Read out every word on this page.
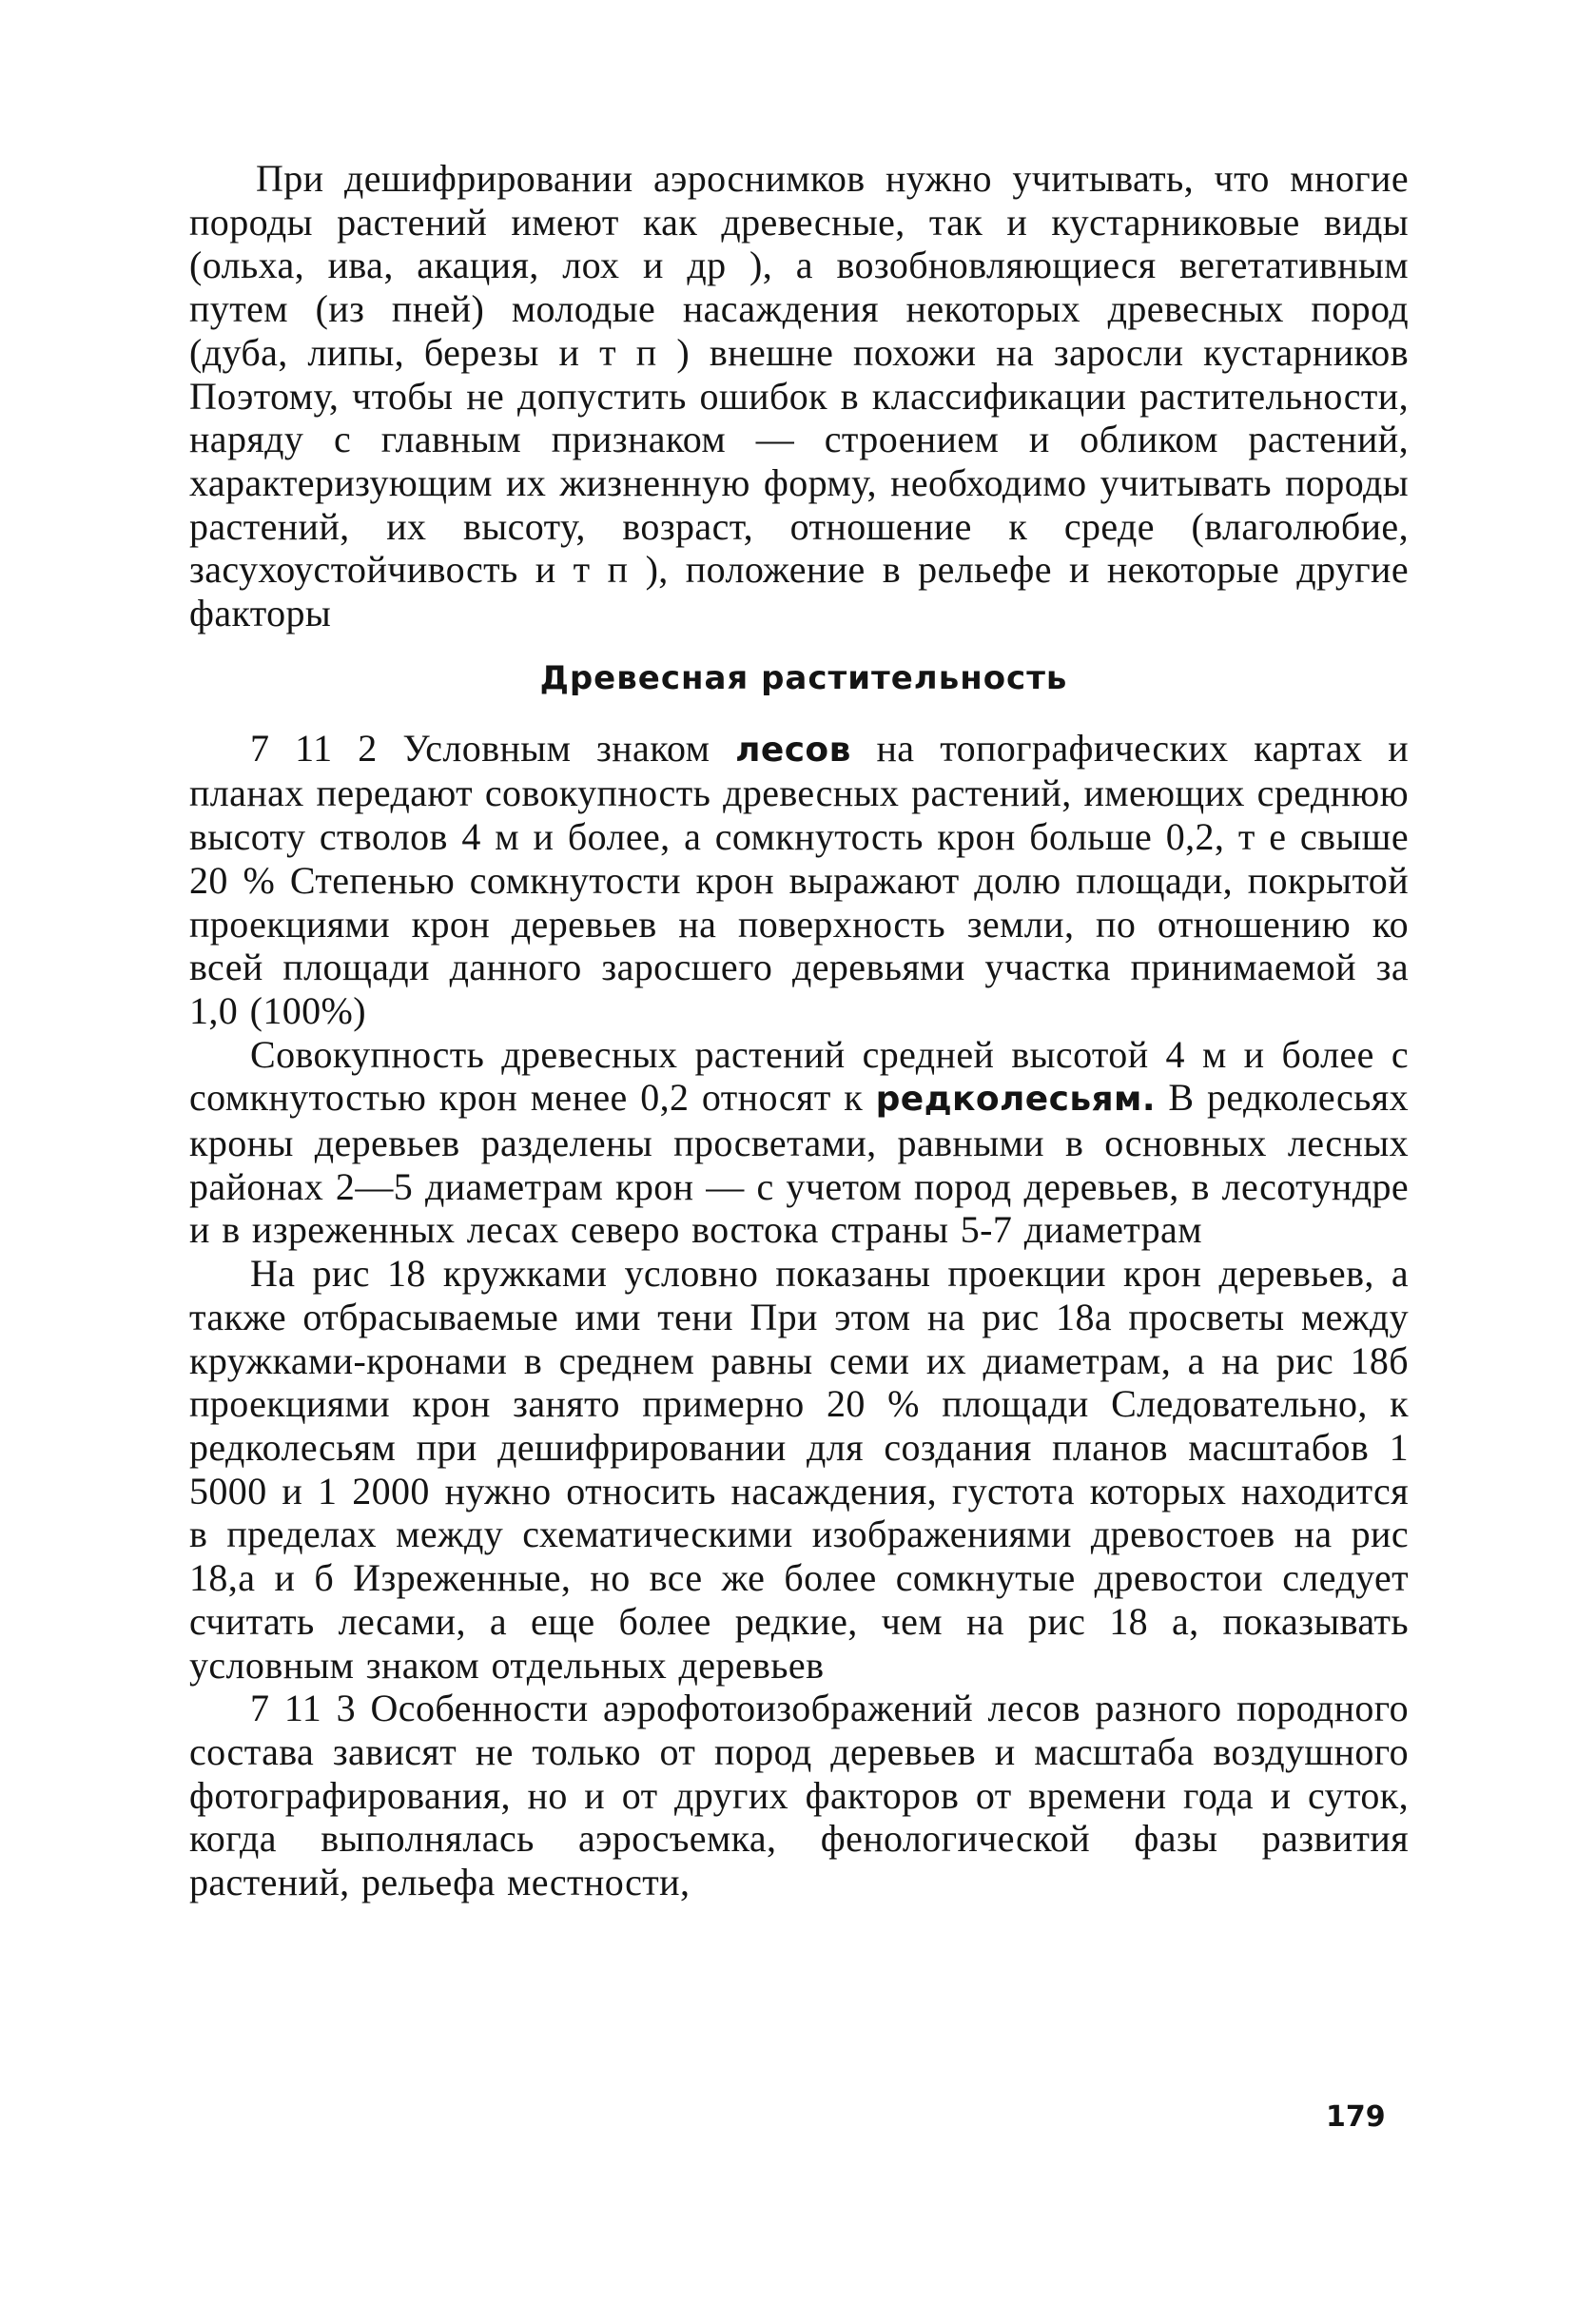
При дешифрировании аэроснимков нужно учитывать, что многие породы растений имеют как древесные, так и кустарниковые виды (ольха, ива, акация, лох и др ), а возобновляющиеся вегетативным путем (из пней) молодые насаждения некоторых древесных пород (дуба, липы, березы и т п ) внешне похожи на заросли кустарников Поэтому, чтобы не допустить ошибок в классификации растительности, наряду с главным признаком — строением и обликом растений, характеризующим их жизненную форму, необходимо учитывать породы растений, их высоту, возраст, отношение к среде (влаголюбие, засухоустойчивость и т п ), положение в рельефе и некоторые другие факторы

Древесная растительность

7 11 2 Условным знаком лесов на топографических картах и планах передают совокупность древесных растений, имеющих среднюю высоту стволов 4 м и более, а сомкнутость крон больше 0,2, т е свыше 20 % Степенью сомкнутости крон выражают долю площади, покрытой проекциями крон деревьев на поверхность земли, по отношению ко всей площади данного заросшего деревьями участка принимаемой за 1,0 (100%)

Совокупность древесных растений средней высотой 4 м и более с сомкнутостью крон менее 0,2 относят к редколесьям. В редколесьях кроны деревьев разделены просветами, равными в основных лесных районах 2—5 диаметрам крон — с учетом пород деревьев, в лесотундре и в изреженных лесах северо востока страны 5-7 диаметрам

На рис 18 кружками условно показаны проекции крон деревьев, а также отбрасываемые ими тени При этом на рис 18а просветы между кружками-кронами в среднем равны семи их диаметрам, а на рис 18б проекциями крон занято примерно 20 % площади Следовательно, к редколесьям при дешифрировании для создания планов масштабов 1 5000 и 1 2000 нужно относить насаждения, густота которых находится в пределах между схематическими изображениями древостоев на рис 18,а и б Изреженные, но все же более сомкнутые древостои следует считать лесами, а еще более редкие, чем на рис 18 а, показывать условным знаком отдельных деревьев

7 11 3 Особенности аэрофотоизображений лесов разного породного состава зависят не только от пород деревьев и масштаба воздушного фотографирования, но и от других факторов от времени года и суток, когда выполнялась аэросъемка, фенологической фазы развития растений, рельефа местности,

179
